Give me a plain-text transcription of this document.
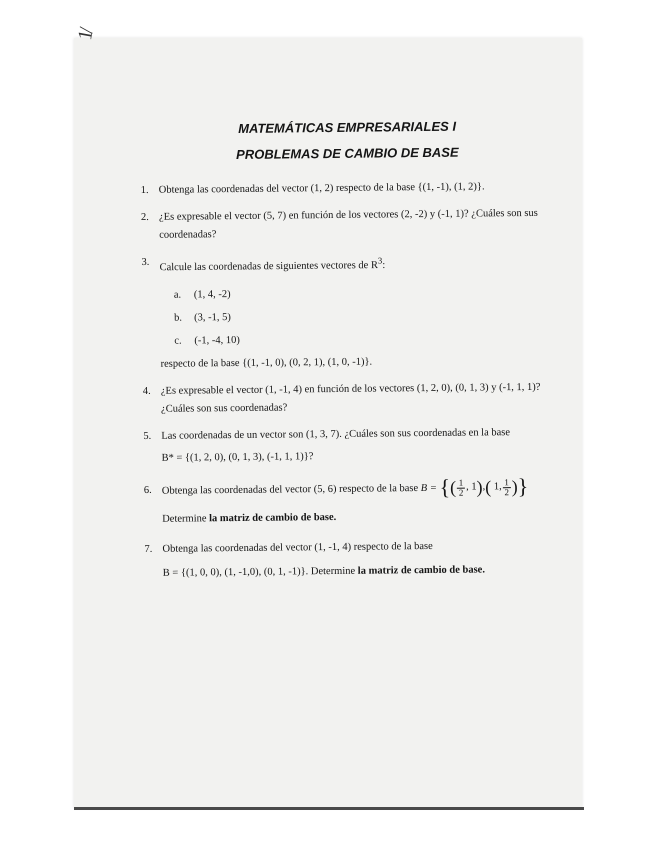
1/
MATEMÁTICAS EMPRESARIALES I
PROBLEMAS DE CAMBIO DE BASE
1. Obtenga las coordenadas del vector (1, 2) respecto de la base {(1, -1), (1, 2)}.
2. ¿Es expresable el vector (5, 7) en función de los vectores (2, -2) y (-1, 1)? ¿Cuáles son sus
coordenadas?
3. Calcule las coordenadas de siguientes vectores de $R^3$:
a. (1, 4, -2)
b. (3, -1, 5)
c. (-1, -4, 10)
respecto de la base {(1, -1, 0), (0, 2, 1), (1, 0, -1)}.
4. ¿Es expresable el vector (1, -1, 4) en función de los vectores (1, 2, 0), (0, 1, 3) y (-1, 1, 1)?
¿Cuáles son sus coordenadas?
5. Las coordenadas de un vector son (1, 3, 7). ¿Cuáles son sus coordenadas en la base
B* = {(1, 2, 0), (0, 1, 3), (-1, 1, 1)}?
6. Obtenga las coordenadas del vector (5, 6) respecto de la base B = {( $\frac{1}{2}$ , 1),( 1, $\frac{1}{2}$ )}
Determine la matriz de cambio de base.
7. Obtenga las coordenadas del vector (1, -1, 4) respecto de la base
B = {(1, 0, 0), (1, -1,0), (0, 1, -1)}. Determine la matriz de cambio de base.
